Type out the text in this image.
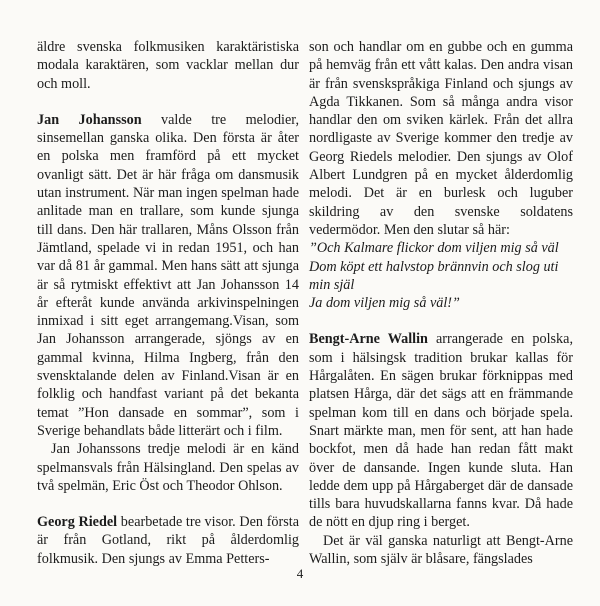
äldre svenska folkmusiken karaktäristiska modala karaktären, som vacklar mellan dur och moll.

Jan Johansson valde tre melodier, sinsemellan ganska olika. Den första är åter en polska men framförd på ett mycket ovanligt sätt. Det är här fråga om dansmusik utan instrument. När man ingen spelman hade anlitade man en trallare, som kunde sjunga till dans. Den här trallaren, Måns Olsson från Jämtland, spelade vi in redan 1951, och han var då 81 år gammal. Men hans sätt att sjunga är så rytmiskt effektivt att Jan Johansson 14 år efteråt kunde använda arkivinspelningen inmixad i sitt eget arrangemang.Visan, som Jan Johansson arrangerade, sjöngs av en gammal kvinna, Hilma Ingberg, från den svensktalande delen av Finland.Visan är en folklig och handfast variant på det bekanta temat ”Hon dansade en sommar”, som i Sverige behandlats både litterärt och i film.

Jan Johanssons tredje melodi är en känd spelmansvals från Hälsingland. Den spelas av två spelmän, Eric Öst och Theodor Ohlson.

Georg Riedel bearbetade tre visor. Den första är från Gotland, rikt på ålderdomlig folkmusik. Den sjungs av Emma Petters-

son och handlar om en gubbe och en gumma på hemväg från ett vått kalas. Den andra visan är från svenskspråkiga Finland och sjungs av Agda Tikkanen. Som så många andra visor handlar den om sviken kärlek. Från det allra nordligaste av Sverige kommer den tredje av Georg Riedels melodier. Den sjungs av Olof Albert Lundgren på en mycket ålderdomlig melodi. Det är en burlesk och luguber skildring av den svenske soldatens vedermödor. Men den slutar så här:

”Och Kalmare flickor dom viljen mig så väl

Dom köpt ett halvstop brännvin och slog uti

min själ

Ja dom viljen mig så väl!”

Bengt-Arne Wallin arrangerade en polska, som i hälsingsk tradition brukar kallas för Hårgalåten. En sägen brukar förknippas med platsen Hårga, där det sägs att en främmande spelman kom till en dans och började spela. Snart märkte man, men för sent, att han hade bockfot, men då hade han redan fått makt över de dansande. Ingen kunde sluta. Han ledde dem upp på Hårgaberget där de dansade tills bara huvudskallarna fanns kvar. Då hade de nött en djup ring i berget.

Det är väl ganska naturligt att Bengt-Arne Wallin, som själv är blåsare, fängslades

4
